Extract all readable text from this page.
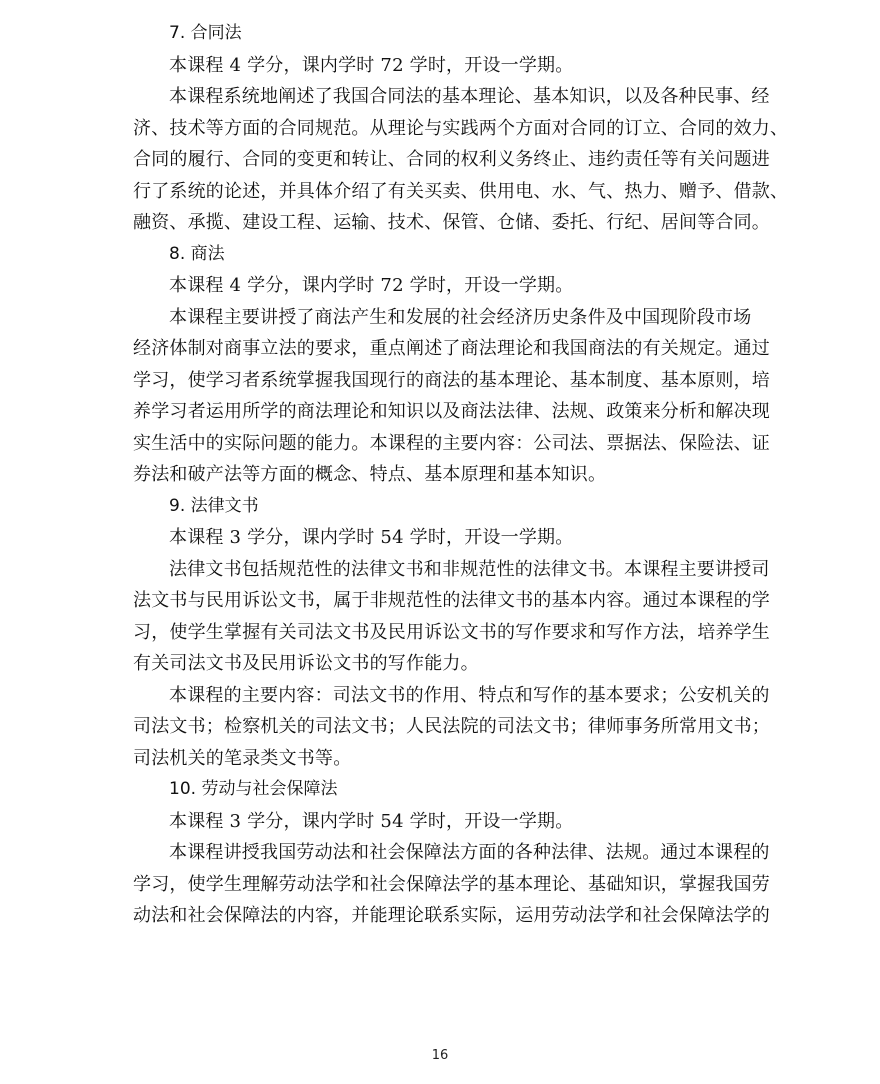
7. 合同法
本课程 4 学分，课内学时 72 学时，开设一学期。
本课程系统地阐述了我国合同法的基本理论、基本知识，以及各种民事、经
济、技术等方面的合同规范。从理论与实践两个方面对合同的订立、合同的效力、
合同的履行、合同的变更和转让、合同的权利义务终止、违约责任等有关问题进
行了系统的论述，并具体介绍了有关买卖、供用电、水、气、热力、赠予、借款、
融资、承揽、建设工程、运输、技术、保管、仓储、委托、行纪、居间等合同。
8. 商法
本课程 4 学分，课内学时 72 学时，开设一学期。
本课程主要讲授了商法产生和发展的社会经济历史条件及中国现阶段市场
经济体制对商事立法的要求，重点阐述了商法理论和我国商法的有关规定。通过
学习，使学习者系统掌握我国现行的商法的基本理论、基本制度、基本原则，培
养学习者运用所学的商法理论和知识以及商法法律、法规、政策来分析和解决现
实生活中的实际问题的能力。本课程的主要内容：公司法、票据法、保险法、证
券法和破产法等方面的概念、特点、基本原理和基本知识。
9. 法律文书
本课程 3 学分，课内学时 54 学时，开设一学期。
法律文书包括规范性的法律文书和非规范性的法律文书。本课程主要讲授司
法文书与民用诉讼文书，属于非规范性的法律文书的基本内容。通过本课程的学
习，使学生掌握有关司法文书及民用诉讼文书的写作要求和写作方法，培养学生
有关司法文书及民用诉讼文书的写作能力。
本课程的主要内容：司法文书的作用、特点和写作的基本要求；公安机关的
司法文书；检察机关的司法文书；人民法院的司法文书；律师事务所常用文书；
司法机关的笔录类文书等。
10. 劳动与社会保障法
本课程 3 学分，课内学时 54 学时，开设一学期。
本课程讲授我国劳动法和社会保障法方面的各种法律、法规。通过本课程的
学习，使学生理解劳动法学和社会保障法学的基本理论、基础知识，掌握我国劳
动法和社会保障法的内容，并能理论联系实际，运用劳动法学和社会保障法学的
16
